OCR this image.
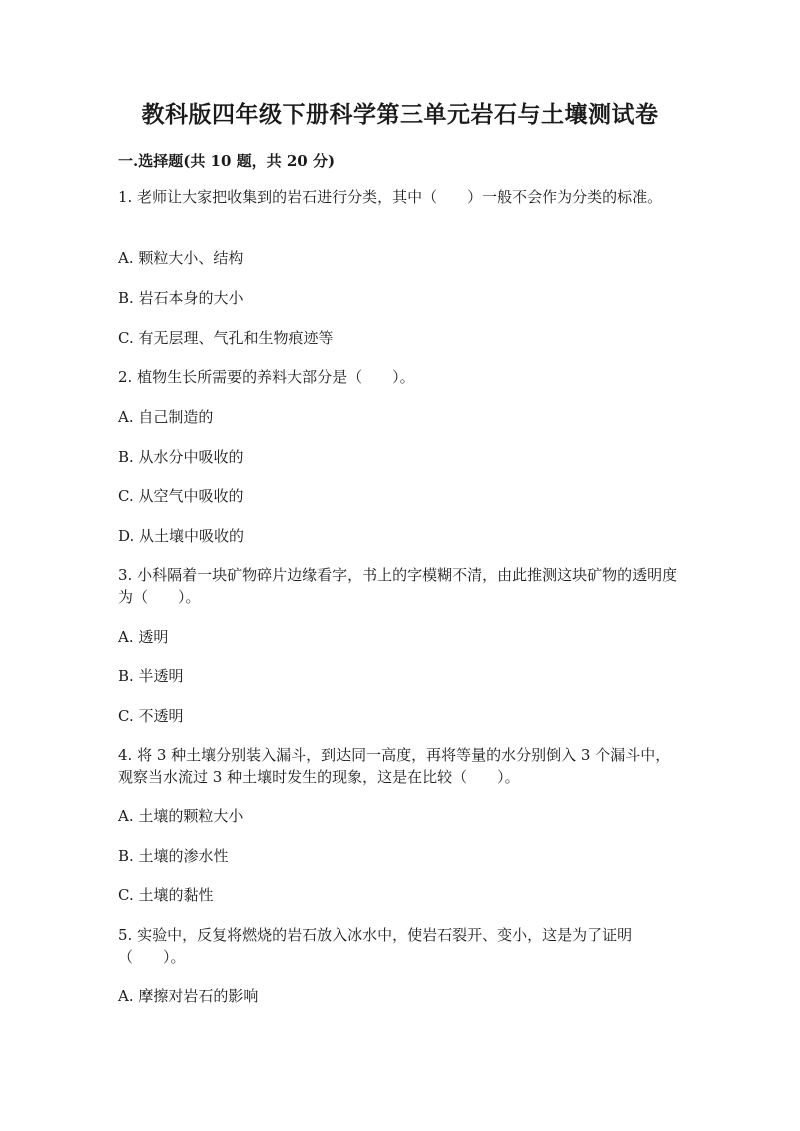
教科版四年级下册科学第三单元岩石与土壤测试卷
一.选择题(共 10 题，共 20 分)
1. 老师让大家把收集到的岩石进行分类，其中（　　）一般不会作为分类的标准。
A. 颗粒大小、结构
B. 岩石本身的大小
C. 有无层理、气孔和生物痕迹等
2. 植物生长所需要的养料大部分是（　　）。
A. 自己制造的
B. 从水分中吸收的
C. 从空气中吸收的
D. 从土壤中吸收的
3. 小科隔着一块矿物碎片边缘看字，书上的字模糊不清，由此推测这块矿物的透明度为（　　）。
A. 透明
B. 半透明
C. 不透明
4. 将 3 种土壤分别装入漏斗，到达同一高度，再将等量的水分别倒入 3 个漏斗中，观察当水流过 3 种土壤时发生的现象，这是在比较（　　）。
A. 土壤的颗粒大小
B. 土壤的渗水性
C. 土壤的黏性
5. 实验中，反复将燃烧的岩石放入冰水中，使岩石裂开、变小，这是为了证明（　　）。
A. 摩擦对岩石的影响
